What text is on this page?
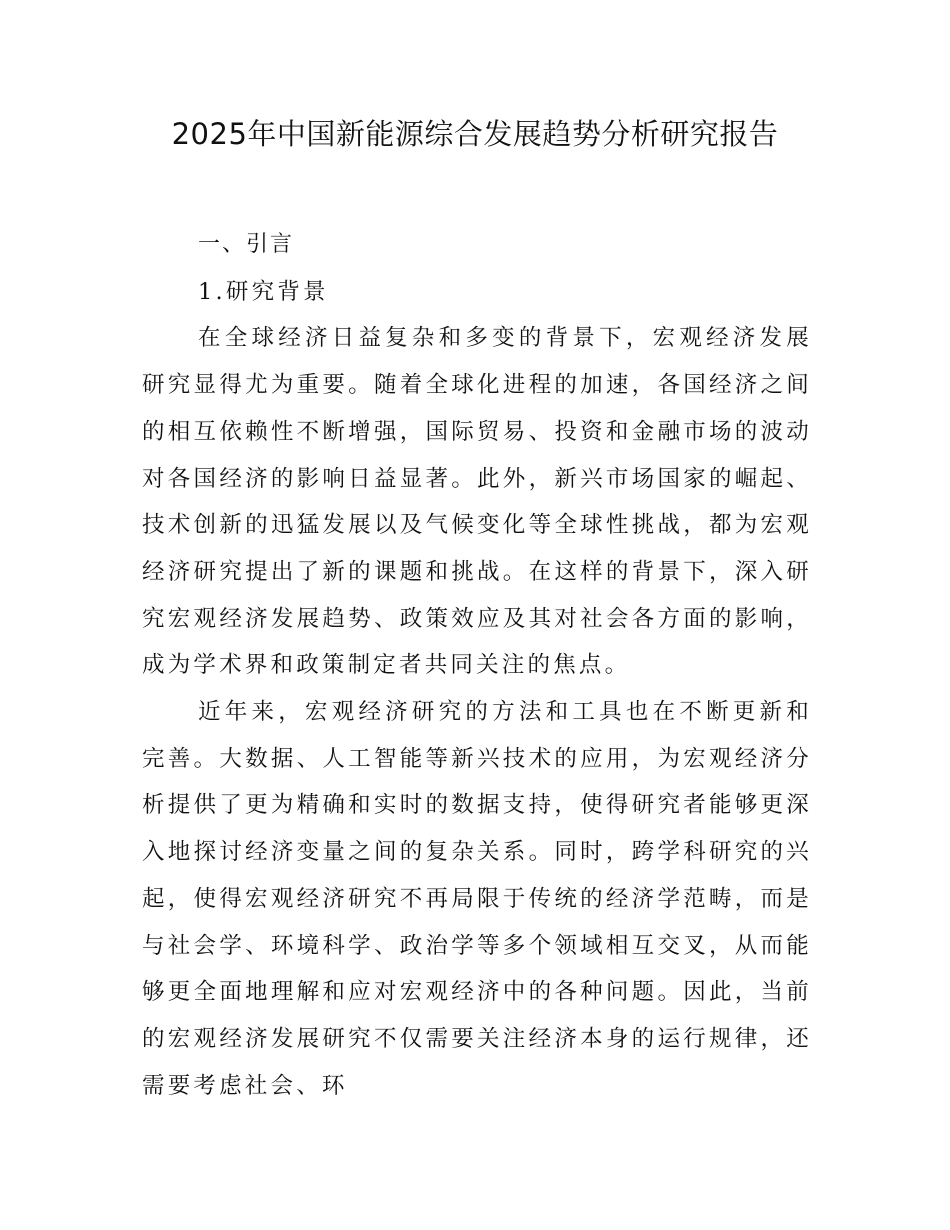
2025年中国新能源综合发展趋势分析研究报告
一、引言
1.研究背景

在全球经济日益复杂和多变的背景下，宏观经济发展研究显得尤为重要。随着全球化进程的加速，各国经济之间的相互依赖性不断增强，国际贸易、投资和金融市场的波动对各国经济的影响日益显著。此外，新兴市场国家的崛起、技术创新的迅猛发展以及气候变化等全球性挑战，都为宏观经济研究提出了新的课题和挑战。在这样的背景下，深入研究宏观经济发展趋势、政策效应及其对社会各方面的影响，成为学术界和政策制定者共同关注的焦点。

近年来，宏观经济研究的方法和工具也在不断更新和完善。大数据、人工智能等新兴技术的应用，为宏观经济分析提供了更为精确和实时的数据支持，使得研究者能够更深入地探讨经济变量之间的复杂关系。同时，跨学科研究的兴起，使得宏观经济研究不再局限于传统的经济学范畴，而是与社会学、环境科学、政治学等多个领域相互交叉，从而能够更全面地理解和应对宏观经济中的各种问题。因此，当前的宏观经济发展研究不仅需要关注经济本身的运行规律，还需要考虑社会、环
